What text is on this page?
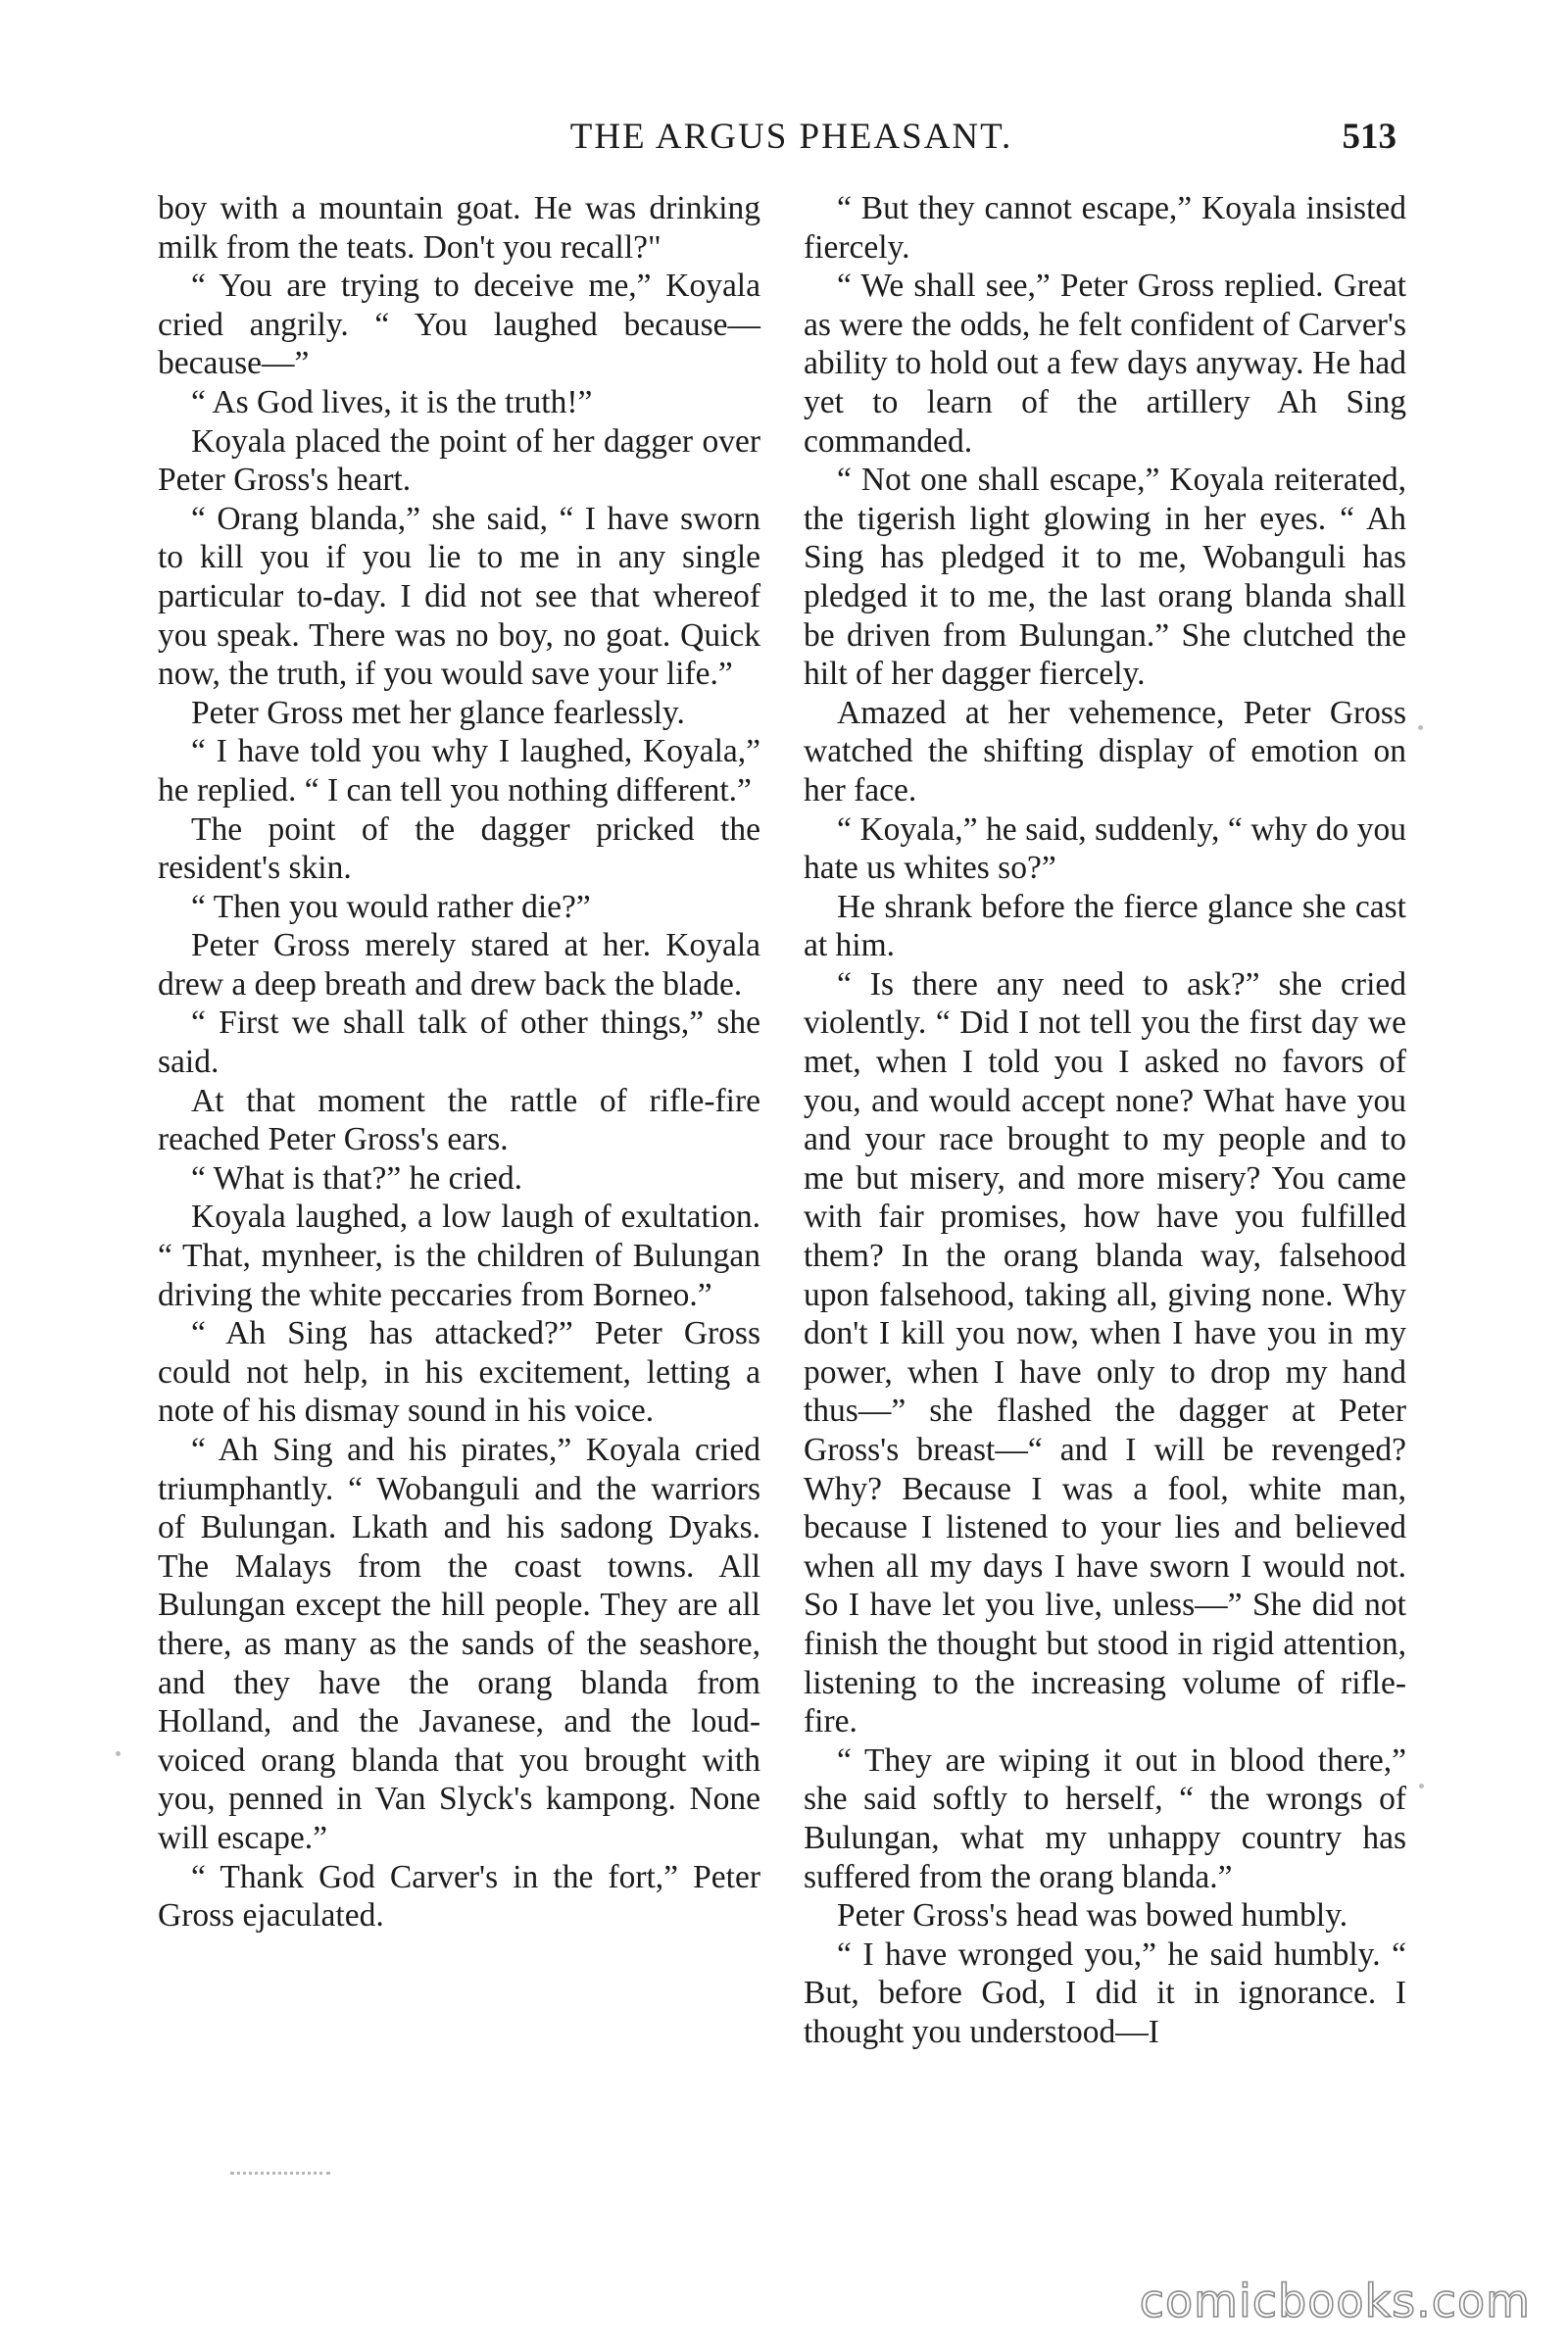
THE ARGUS PHEASANT.	513

boy with a mountain goat. He was drinking milk from the teats. Don't you recall?"

“ You are trying to deceive me,” Koyala cried angrily. “ You laughed because—because—”

“ As God lives, it is the truth!”

Koyala placed the point of her dagger over Peter Gross's heart.

“ Orang blanda,” she said, “ I have sworn to kill you if you lie to me in any single particular to-day. I did not see that whereof you speak. There was no boy, no goat. Quick now, the truth, if you would save your life.”

Peter Gross met her glance fearlessly.

“ I have told you why I laughed, Koyala,” he replied. “ I can tell you nothing different.”

The point of the dagger pricked the resident's skin.

“ Then you would rather die?”

Peter Gross merely stared at her. Koyala drew a deep breath and drew back the blade.

“ First we shall talk of other things,” she said.

At that moment the rattle of rifle-fire reached Peter Gross's ears.

“ What is that?” he cried.

Koyala laughed, a low laugh of exultation. “ That, mynheer, is the children of Bulungan driving the white peccaries from Borneo.”

“ Ah Sing has attacked?” Peter Gross could not help, in his excitement, letting a note of his dismay sound in his voice.

“ Ah Sing and his pirates,” Koyala cried triumphantly. “ Wobanguli and the warriors of Bulungan. Lkath and his sadong Dyaks. The Malays from the coast towns. All Bulungan except the hill people. They are all there, as many as the sands of the seashore, and they have the orang blanda from Holland, and the Javanese, and the loud-voiced orang blanda that you brought with you, penned in Van Slyck's kampong. None will escape.”

“ Thank God Carver's in the fort,” Peter Gross ejaculated.

“ But they cannot escape,” Koyala insisted fiercely.

“ We shall see,” Peter Gross replied. Great as were the odds, he felt confident of Carver's ability to hold out a few days anyway. He had yet to learn of the artillery Ah Sing commanded.

“ Not one shall escape,” Koyala reiterated, the tigerish light glowing in her eyes. “ Ah Sing has pledged it to me, Wobanguli has pledged it to me, the last orang blanda shall be driven from Bulungan.” She clutched the hilt of her dagger fiercely.

Amazed at her vehemence, Peter Gross watched the shifting display of emotion on her face.

“ Koyala,” he said, suddenly, “ why do you hate us whites so?”

He shrank before the fierce glance she cast at him.

“ Is there any need to ask?” she cried violently. “ Did I not tell you the first day we met, when I told you I asked no favors of you, and would accept none? What have you and your race brought to my people and to me but misery, and more misery? You came with fair promises, how have you fulfilled them? In the orang blanda way, falsehood upon falsehood, taking all, giving none. Why don't I kill you now, when I have you in my power, when I have only to drop my hand thus—” she flashed the dagger at Peter Gross's breast—“ and I will be revenged? Why? Because I was a fool, white man, because I listened to your lies and believed when all my days I have sworn I would not. So I have let you live, unless—” She did not finish the thought but stood in rigid attention, listening to the increasing volume of rifle-fire.

“ They are wiping it out in blood there,” she said softly to herself, “ the wrongs of Bulungan, what my unhappy country has suffered from the orang blanda.”

Peter Gross's head was bowed humbly.

“ I have wronged you,” he said humbly. “ But, before God, I did it in ignorance. I thought you understood—I

comicbooks.com
